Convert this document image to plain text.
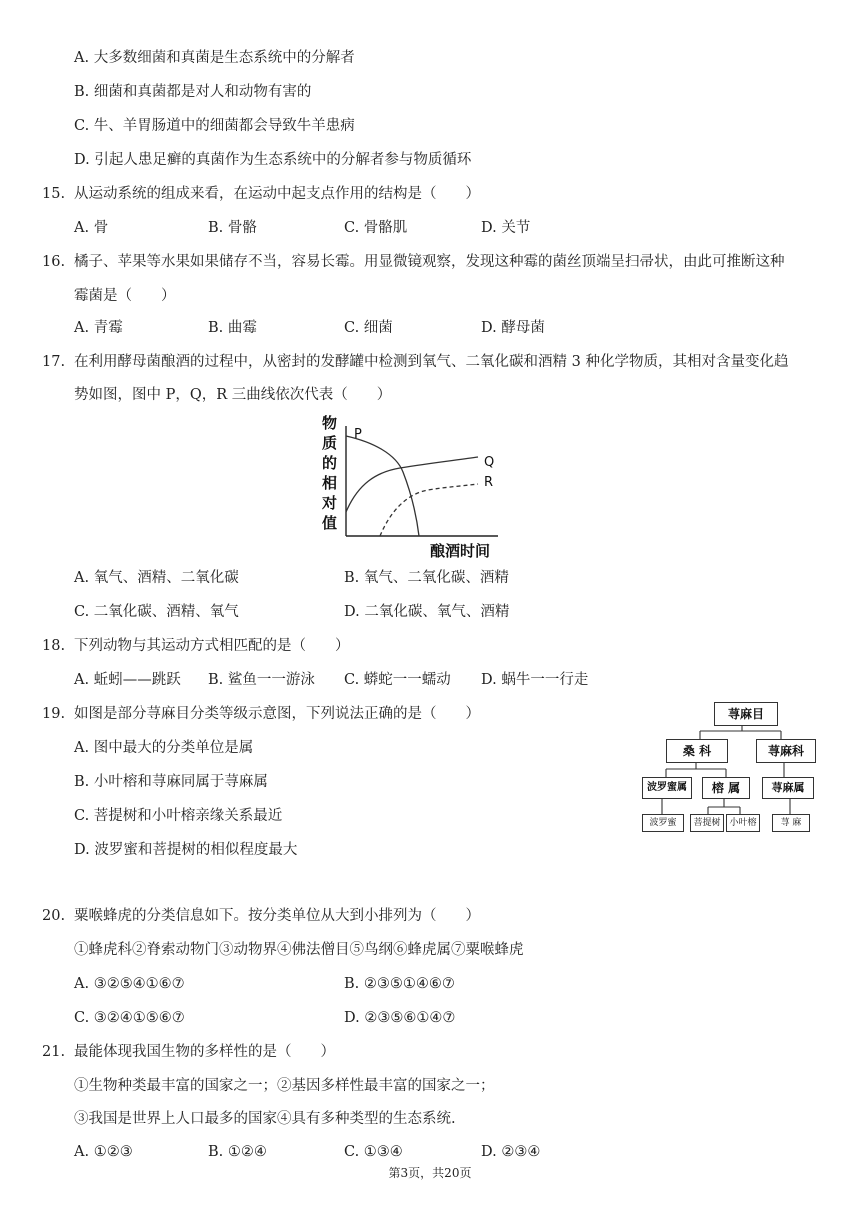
A. 大多数细菌和真菌是生态系统中的分解者
B. 细菌和真菌都是对人和动物有害的
C. 牛、羊胃肠道中的细菌都会导致牛羊患病
D. 引起人患足癣的真菌作为生态系统中的分解者参与物质循环
15. 从运动系统的组成来看，在运动中起支点作用的结构是（　　）
A. 骨	B. 骨骼	C. 骨骼肌	D. 关节
16. 橘子、苹果等水果如果储存不当，容易长霉。用显微镜观察，发现这种霉的菌丝顶端呈扫帚状，由此可推断这种
霉菌是（　　）
A. 青霉	B. 曲霉	C. 细菌	D. 酵母菌
17. 在利用酵母菌酿酒的过程中，从密封的发酵罐中检测到氧气、二氧化碳和酒精 3 种化学物质，其相对含量变化趋
势如图，图中 P，Q，R 三曲线依次代表（　　）
物
质
的
相
对
值
P
Q
R
酿酒时间
A. 氧气、酒精、二氧化碳	B. 氧气、二氧化碳、酒精
C. 二氧化碳、酒精、氧气	D. 二氧化碳、氧气、酒精
18. 下列动物与其运动方式相匹配的是（　　）
A. 蚯蚓——跳跃 B. 鲨鱼一一游泳 C. 蟒蛇一一蠕动 D. 蜗牛一一行走
19. 如图是部分荨麻目分类等级示意图，下列说法正确的是（　　）
A. 图中最大的分类单位是属
B. 小叶榕和荨麻同属于荨麻属
C. 菩提树和小叶榕亲缘关系最近
D. 波罗蜜和菩提树的相似程度最大
荨麻目
桑 科	荨麻科
波罗蜜属	榕 属	荨麻属
波罗蜜	菩提树 小叶榕	荨 麻
20. 粟喉蜂虎的分类信息如下。按分类单位从大到小排列为（　　）
①蜂虎科②脊索动物门③动物界④佛法僧目⑤鸟纲⑥蜂虎属⑦粟喉蜂虎
A. ③②⑤④①⑥⑦	B. ②③⑤①④⑥⑦
C. ③②④①⑤⑥⑦	D. ②③⑤⑥①④⑦
21. 最能体现我国生物的多样性的是（　　）
①生物种类最丰富的国家之一；②基因多样性最丰富的国家之一；
③我国是世界上人口最多的国家④具有多种类型的生态系统.
A. ①②③	B. ①②④	C. ①③④	D. ②③④
第3页，共20页
